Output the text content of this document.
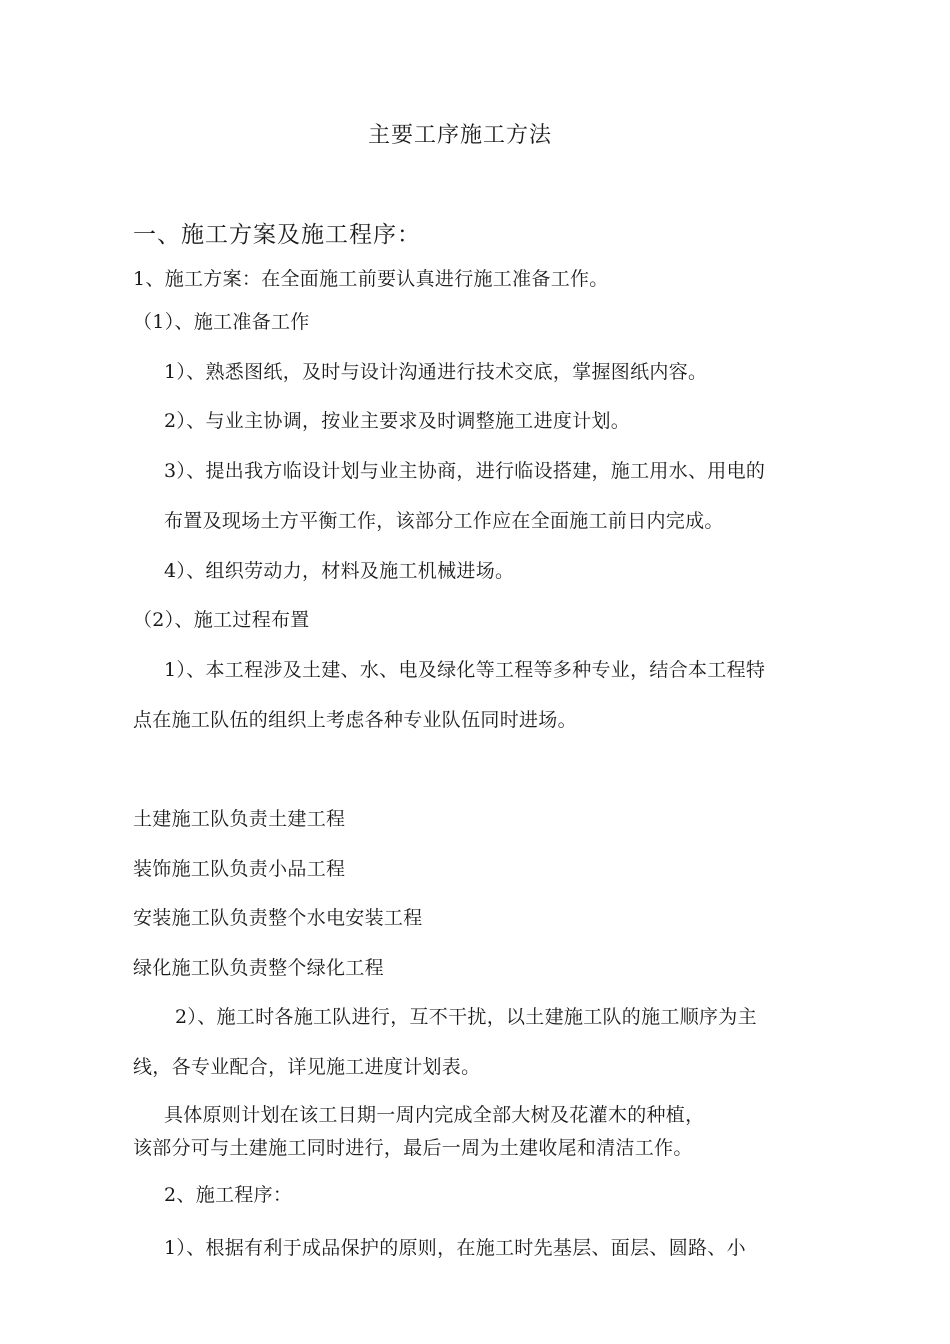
主要工序施工方法
一、施工方案及施工程序：
1、施工方案：在全面施工前要认真进行施工准备工作。
（1）、施工准备工作
1）、熟悉图纸，及时与设计沟通进行技术交底，掌握图纸内容。
2）、与业主协调，按业主要求及时调整施工进度计划。
3）、提出我方临设计划与业主协商，进行临设搭建，施工用水、用电的
布置及现场土方平衡工作，该部分工作应在全面施工前日内完成。
4）、组织劳动力，材料及施工机械进场。
（2）、施工过程布置
1）、本工程涉及土建、水、电及绿化等工程等多种专业，结合本工程特
点在施工队伍的组织上考虑各种专业队伍同时进场。
土建施工队负责土建工程
装饰施工队负责小品工程
安装施工队负责整个水电安装工程
绿化施工队负责整个绿化工程
2）、施工时各施工队进行，互不干扰，以土建施工队的施工顺序为主
线，各专业配合，详见施工进度计划表。
具体原则计划在该工日期一周内完成全部大树及花灌木的种植，
该部分可与土建施工同时进行，最后一周为土建收尾和清洁工作。
2、施工程序：
1）、根据有利于成品保护的原则，在施工时先基层、面层、圆路、小
